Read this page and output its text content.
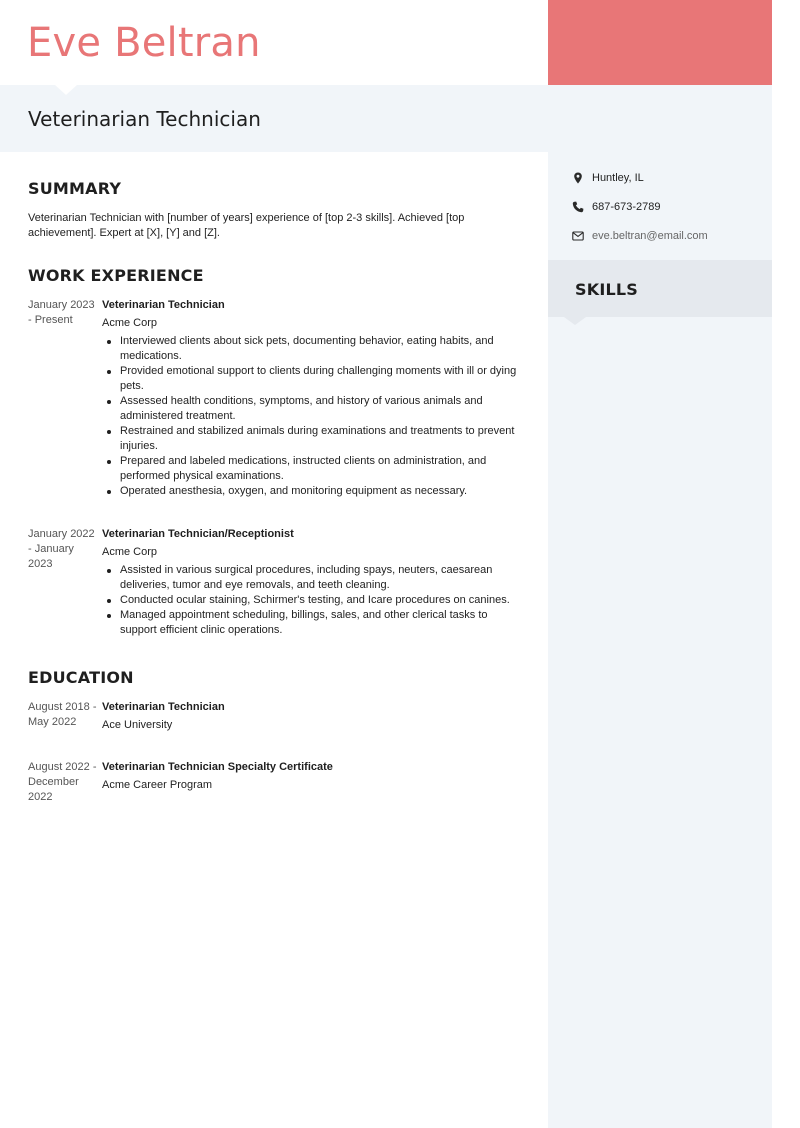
Eve Beltran
Veterinarian Technician
SUMMARY

Veterinarian Technician with [number of years] experience of [top 2-3 skills]. Achieved [top achievement]. Expert at [X], [Y] and [Z].

WORK EXPERIENCE
January 2023 - Present
Veterinarian Technician
Acme Corp
Interviewed clients about sick pets, documenting behavior, eating habits, and medications.
Provided emotional support to clients during challenging moments with ill or dying pets.
Assessed health conditions, symptoms, and history of various animals and administered treatment.
Restrained and stabilized animals during examinations and treatments to prevent injuries.
Prepared and labeled medications, instructed clients on administration, and performed physical examinations.
Operated anesthesia, oxygen, and monitoring equipment as necessary.
January 2022 - January 2023
Veterinarian Technician/Receptionist
Acme Corp
Assisted in various surgical procedures, including spays, neuters, caesarean deliveries, tumor and eye removals, and teeth cleaning.
Conducted ocular staining, Schirmer's testing, and Icare procedures on canines.
Managed appointment scheduling, billings, sales, and other clerical tasks to support efficient clinic operations.
EDUCATION
August 2018 - May 2022
Veterinarian Technician
Ace University
August 2022 - December 2022
Veterinarian Technician Specialty Certificate
Acme Career Program
Huntley, IL
687-673-2789
eve.beltran@email.com
SKILLS
